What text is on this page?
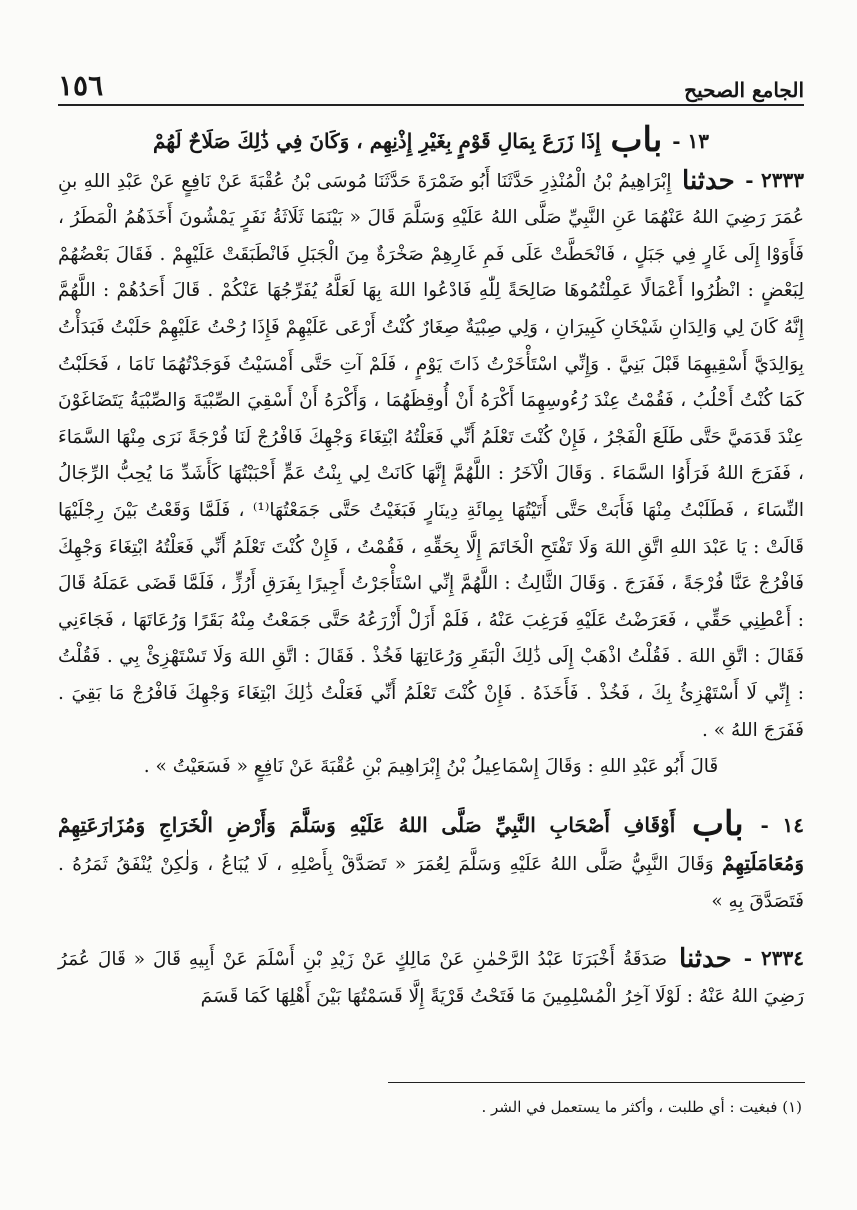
١٥٦	الجامع الصحيح

١٣ - باب إِذَا زَرَعَ بِمَالِ قَوْمٍ بِغَيْرِ إِذْنِهِم ، وَكَانَ فِي ذَٰلِكَ صَلَاحٌ لَهُمْ

٢٣٣٣ - حدثنا إِبْرَاهِيمُ بْنُ الْمُنْذِرِ حَدَّثَنَا أَبُو ضَمْرَةَ حَدَّثَنَا مُوسَى بْنُ عُقْبَةَ عَنْ نَافِعٍ عَنْ عَبْدِ اللهِ بنِ عُمَرَ رَضِيَ اللهُ عَنْهُمَا عَنِ النَّبِيِّ صَلَّى اللهُ عَلَيْهِ وَسَلَّمَ قَالَ « بَيْنَمَا ثَلَاثَةُ نَفَرٍ يَمْشُونَ أَخَذَهُمُ الْمَطَرُ ، فَأَوَوْا إِلَى غَارٍ فِي جَبَلٍ ، فَانْحَطَّتْ عَلَى فَمِ غَارِهِمْ صَخْرَةٌ مِنَ الْجَبَلِ فَانْطَبَقَتْ عَلَيْهِمْ . فَقَالَ بَعْضُهُمْ لِبَعْضٍ : انْظُرُوا أَعْمَالًا عَمِلْتُمُوهَا صَالِحَةً لِلّٰهِ فَادْعُوا اللهَ بِهَا لَعَلَّهُ يُفَرِّجُهَا عَنْكُمْ . قَالَ أَحَدُهُمْ : اللَّهُمَّ إِنَّهُ كَانَ لِي وَالِدَانِ شَيْخَانِ كَبِيرَانِ ، وَلِي صِبْيَةٌ صِغَارٌ كُنْتُ أَرْعَى عَلَيْهِمْ فَإِذَا رُحْتُ عَلَيْهِمْ حَلَبْتُ فَبَدَأْتُ بِوَالِدَيَّ أَسْقِيهِمَا قَبْلَ بَنِيَّ . وَإِنِّي اسْتَأْخَرْتُ ذَاتَ يَوْمٍ ، فَلَمْ آتِ حَتَّى أَمْسَيْتُ فَوَجَدْتُهُمَا نَامَا ، فَحَلَبْتُ كَمَا كُنْتُ أَحْلُبُ ، فَقُمْتُ عِنْدَ رُءُوسِهِمَا أَكْرَهُ أَنْ أُوقِظَهُمَا ، وَأَكْرَهُ أَنْ أَسْقِيَ الصِّبْيَةَ وَالصِّبْيَةُ يَتَضَاغَوْنَ عِنْدَ قَدَمَيَّ حَتَّى طَلَعَ الْفَجْرُ ، فَإِنْ كُنْتَ تَعْلَمُ أَنِّي فَعَلْتُهُ ابْتِغَاءَ وَجْهِكَ فَافْرُجْ لَنَا فُرْجَةً نَرَى مِنْهَا السَّمَاءَ ، فَفَرَجَ اللهُ فَرَأَوُا السَّمَاءَ . وَقَالَ الْآخَرُ : اللَّهُمَّ إِنَّهَا كَانَتْ لِي بِنْتُ عَمٍّ أَحْبَبْتُهَا كَأَشَدِّ مَا يُحِبُّ الرِّجَالُ النِّسَاءَ ، فَطَلَبْتُ مِنْهَا فَأَبَتْ حَتَّى أَتَيْتُهَا بِمِائَةِ دِينَارٍ فَبَغَيْتُ حَتَّى جَمَعْتُهَا⁽¹⁾ ، فَلَمَّا وَقَعْتُ بَيْنَ رِجْلَيْهَا قَالَتْ : يَا عَبْدَ اللهِ اتَّقِ اللهَ وَلَا تَفْتَحِ الْخَاتَمَ إِلَّا بِحَقِّهِ ، فَقُمْتُ ، فَإِنْ كُنْتَ تَعْلَمُ أَنِّي فَعَلْتُهُ ابْتِغَاءَ وَجْهِكَ فَافْرُجْ عَنَّا فُرْجَةً ، فَفَرَجَ . وَقَالَ الثَّالِثُ : اللَّهُمَّ إِنِّي اسْتَأْجَرْتُ أَجِيرًا بِفَرَقِ أَرُزٍّ ، فَلَمَّا قَضَى عَمَلَهُ قَالَ : أَعْطِنِي حَقِّي ، فَعَرَضْتُ عَلَيْهِ فَرَغِبَ عَنْهُ ، فَلَمْ أَزَلْ أَزْرَعُهُ حَتَّى جَمَعْتُ مِنْهُ بَقَرًا وَرُعَاتَهَا ، فَجَاءَنِي فَقَالَ : اتَّقِ اللهَ . فَقُلْتُ اذْهَبْ إِلَى ذَٰلِكَ الْبَقَرِ وَرُعَاتِهَا فَخُذْ . فَقَالَ : اتَّقِ اللهَ وَلَا تَسْتَهْزِئْ بِي . فَقُلْتُ : إِنِّي لَا أَسْتَهْزِئُ بِكَ ، فَخُذْ . فَأَخَذَهُ . فَإِنْ كُنْتَ تَعْلَمُ أَنِّي فَعَلْتُ ذَٰلِكَ ابْتِغَاءَ وَجْهِكَ فَافْرُجْ مَا بَقِيَ . فَفَرَجَ اللهُ » .

قَالَ أَبُو عَبْدِ اللهِ : وَقَالَ إِسْمَاعِيلُ بْنُ إِبْرَاهِيمَ بْنِ عُقْبَةَ عَنْ نَافِعٍ « فَسَعَيْتُ » .

١٤ - باب أَوْقَافِ أَصْحَابِ النَّبِيِّ صَلَّى اللهُ عَلَيْهِ وَسَلَّمَ وَأَرْضِ الْخَرَاجِ وَمُزَارَعَتِهِمْ وَمُعَامَلَتِهِمْ وَقَالَ النَّبِيُّ صَلَّى اللهُ عَلَيْهِ وَسَلَّمَ لِعُمَرَ « تَصَدَّقْ بِأَصْلِهِ ، لَا يُبَاعُ ، وَلٰكِنْ يُنْفَقُ ثَمَرُهُ . فَتَصَدَّقَ بِهِ »

٢٣٣٤ - حدثنا صَدَقَةُ أَخْبَرَنَا عَبْدُ الرَّحْمٰنِ عَنْ مَالِكٍ عَنْ زَيْدِ بْنِ أَسْلَمَ عَنْ أَبِيهِ قَالَ « قَالَ عُمَرُ رَضِيَ اللهُ عَنْهُ : لَوْلَا آخِرُ الْمُسْلِمِينَ مَا فَتَحْتُ قَرْيَةً إِلَّا قَسَمْتُهَا بَيْنَ أَهْلِهَا كَمَا قَسَمَ

(١) فبغيت : أي طلبت ، وأكثر ما يستعمل في الشر .
